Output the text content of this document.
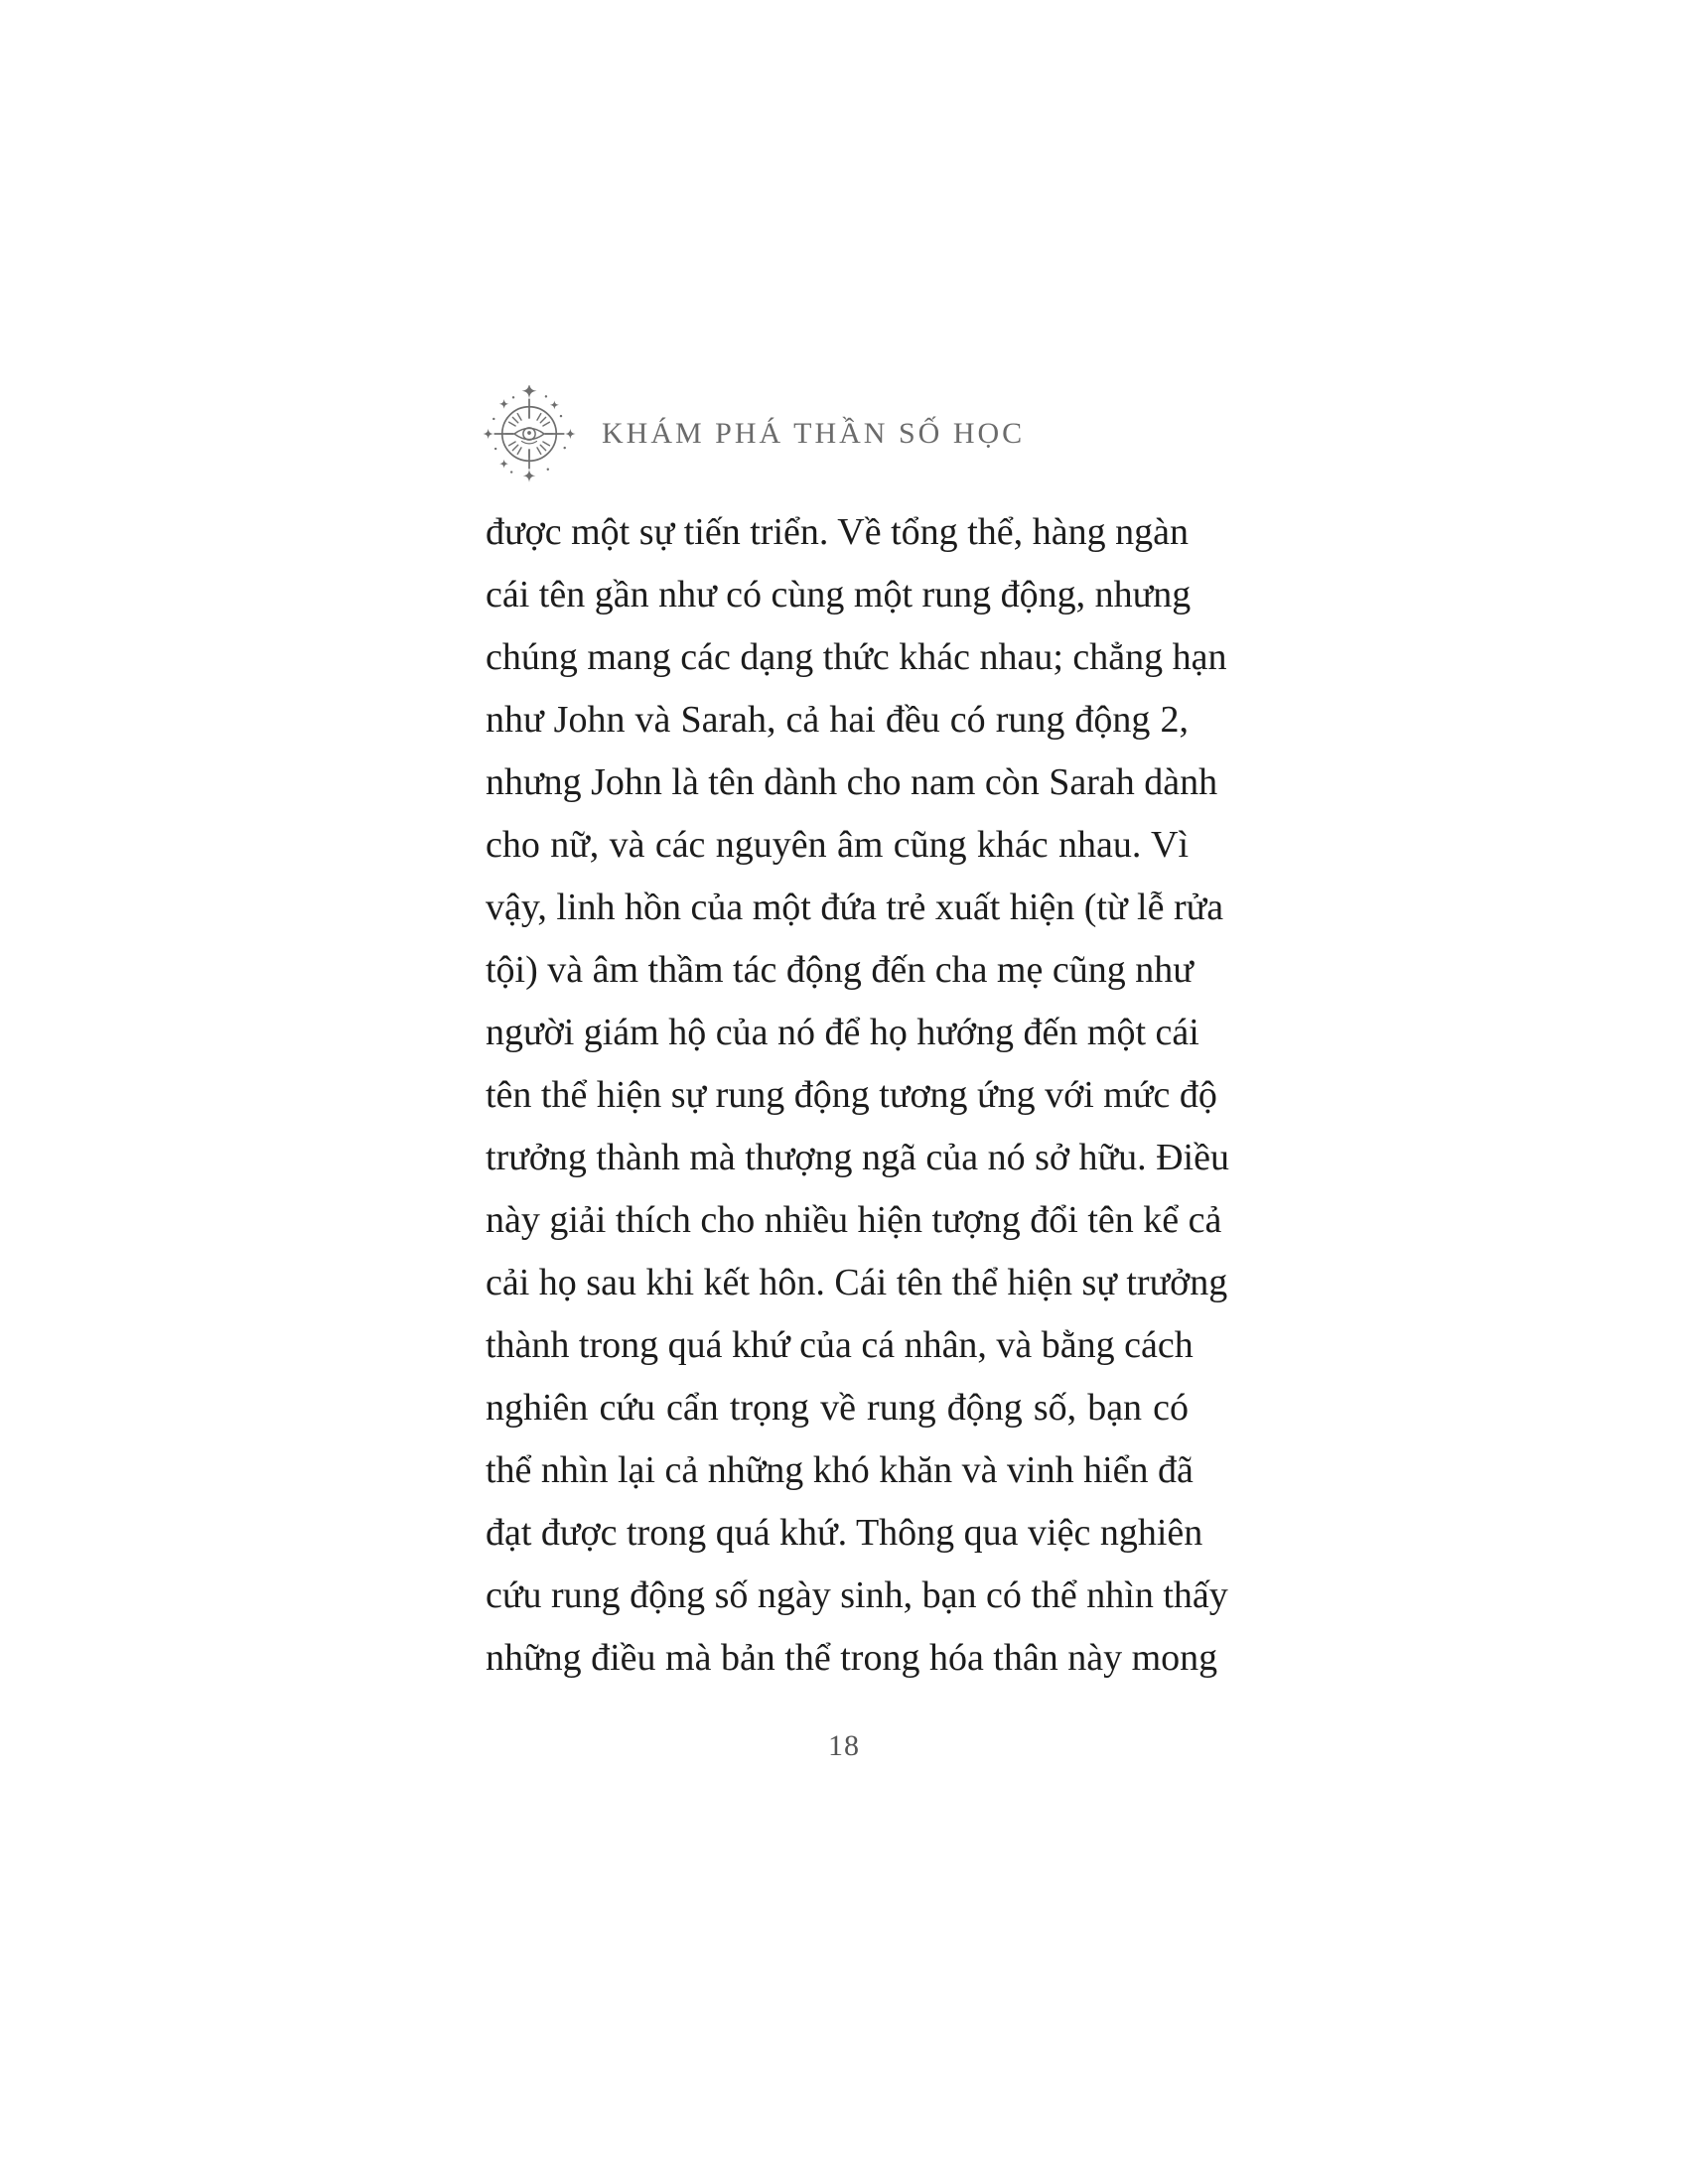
KHÁM PHÁ THẦN SỐ HỌC
được một sự tiến triển. Về tổng thể, hàng ngàn
cái tên gần như có cùng một rung động, nhưng
chúng mang các dạng thức khác nhau; chẳng hạn
như John và Sarah, cả hai đều có rung động 2,
nhưng John là tên dành cho nam còn Sarah dành
cho nữ, và các nguyên âm cũng khác nhau. Vì
vậy, linh hồn của một đứa trẻ xuất hiện (từ lễ rửa
tội) và âm thầm tác động đến cha mẹ cũng như
người giám hộ của nó để họ hướng đến một cái
tên thể hiện sự rung động tương ứng với mức độ
trưởng thành mà thượng ngã của nó sở hữu. Điều
này giải thích cho nhiều hiện tượng đổi tên kể cả
cải họ sau khi kết hôn. Cái tên thể hiện sự trưởng
thành trong quá khứ của cá nhân, và bằng cách
nghiên cứu cẩn trọng về rung động số, bạn có
thể nhìn lại cả những khó khăn và vinh hiển đã
đạt được trong quá khứ. Thông qua việc nghiên
cứu rung động số ngày sinh, bạn có thể nhìn thấy
những điều mà bản thể trong hóa thân này mong
18
